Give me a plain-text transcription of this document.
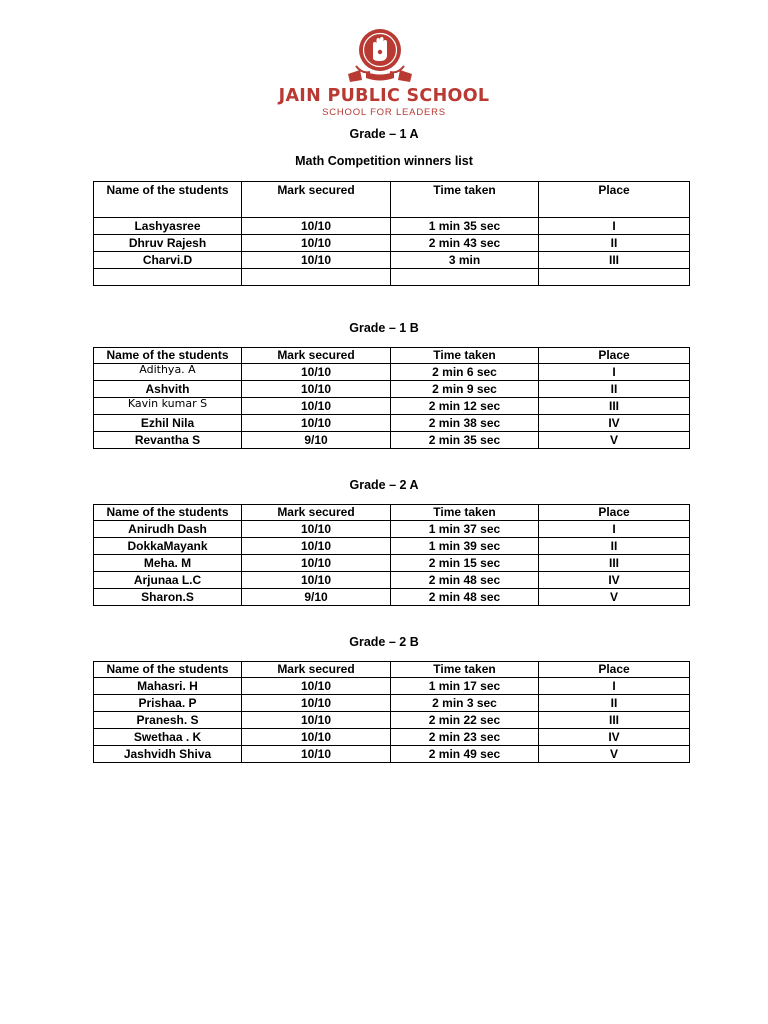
JAIN PUBLIC SCHOOL
SCHOOL FOR LEADERS
Grade – 1 A
Math Competition winners list
Name of the students	Mark secured	Time taken	Place
Lashyasree	10/10	1 min 35 sec	I
Dhruv Rajesh	10/10	2 min 43 sec	II
Charvi.D	10/10	3 min	III

Grade – 1 B
Name of the students	Mark secured	Time taken	Place
Adithya. A	10/10	2 min 6 sec	I
Ashvith	10/10	2 min 9 sec	II
Kavin kumar S	10/10	2 min 12 sec	III
Ezhil Nila	10/10	2 min 38 sec	IV
Revantha S	9/10	2 min 35 sec	V
Grade – 2 A
Name of the students	Mark secured	Time taken	Place
Anirudh Dash	10/10	1 min 37 sec	I
DokkaMayank	10/10	1 min 39 sec	II
Meha. M	10/10	2 min 15 sec	III
Arjunaa L.C	10/10	2 min 48 sec	IV
Sharon.S	9/10	2 min 48 sec	V
Grade – 2 B
Name of the students	Mark secured	Time taken	Place
Mahasri. H	10/10	1 min 17 sec	I
Prishaa. P	10/10	2 min 3 sec	II
Pranesh. S	10/10	2 min 22 sec	III
Swethaa . K	10/10	2 min 23 sec	IV
Jashvidh Shiva	10/10	2 min 49 sec	V
